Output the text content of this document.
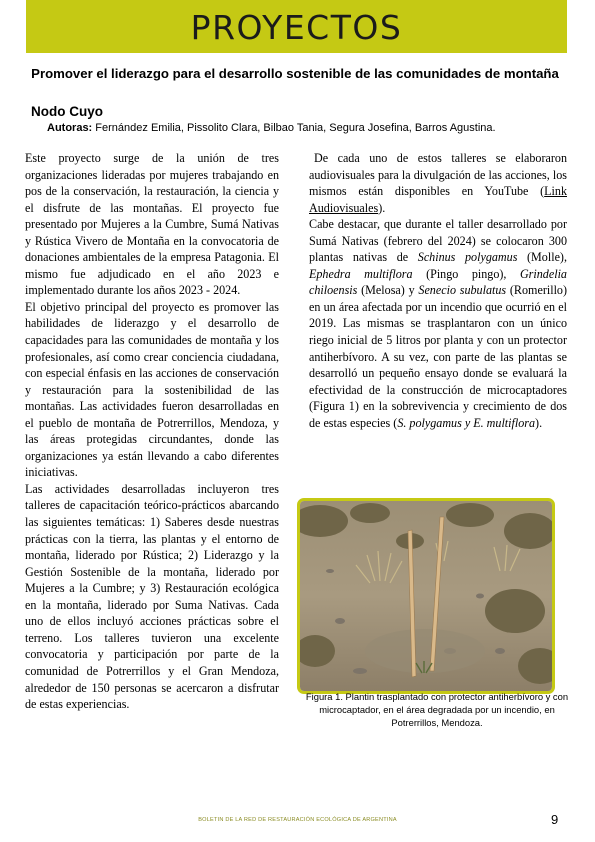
PROYECTOS
Promover el liderazgo para el desarrollo sostenible de las comunidades de montaña
Nodo Cuyo
Autoras: Fernández Emilia, Pissolito Clara, Bilbao Tania, Segura Josefina, Barros Agustina.

Este proyecto surge de la unión de tres organizaciones lideradas por mujeres trabajando en pos de la conservación, la restauración, la ciencia y el disfrute de las montañas. El proyecto fue presentado por Mujeres a la Cumbre, Sumá Nativas y Rústica Vivero de Montaña en la convocatoria de donaciones ambientales de la empresa Patagonia. El mismo fue adjudicado en el año 2023 e implementado durante los años 2023 - 2024.

El objetivo principal del proyecto es promover las habilidades de liderazgo y el desarrollo de capacidades para las comunidades de montaña y los profesionales, así como crear conciencia ciudadana, con especial énfasis en las acciones de conservación y restauración para la sostenibilidad de las montañas. Las actividades fueron desarrolladas en el pueblo de montaña de Potrerrillos, Mendoza, y las áreas protegidas circundantes, donde las organizaciones ya están llevando a cabo diferentes iniciativas.

Las actividades desarrolladas incluyeron tres talleres de capacitación teórico-prácticos abarcando las siguientes temáticas: 1) Saberes desde nuestras prácticas con la tierra, las plantas y el entorno de montaña, liderado por Rústica; 2) Liderazgo y la Gestión Sostenible de la montaña, liderado por Mujeres a la Cumbre; y 3) Restauración ecológica en la montaña, liderado por Suma Nativas. Cada uno de ellos incluyó acciones prácticas sobre el terreno. Los talleres tuvieron una excelente convocatoria y participación por parte de la comunidad de Potrerrillos y el Gran Mendoza, alrededor de 150 personas se acercaron a disfrutar de estas experiencias.

De cada uno de estos talleres se elaboraron audiovisuales para la divulgación de las acciones, los mismos están disponibles en YouTube (Link Audiovisuales).

Cabe destacar, que durante el taller desarrollado por Sumá Nativas (febrero del 2024) se colocaron 300 plantas nativas de Schinus polygamus (Molle), Ephedra multiflora (Pingo pingo), Grindelia chiloensis (Melosa) y Senecio subulatus (Romerillo) en un área afectada por un incendio que ocurrió en el 2019. Las mismas se trasplantaron con un único riego inicial de 5 litros por planta y con un protector antiherbívoro. A su vez, con parte de las plantas se desarrolló un pequeño ensayo donde se evaluará la efectividad de la construcción de microcaptadores (Figura 1) en la sobrevivencia y crecimiento de dos de estas especies (S. polygamus y E. multiflora).

Figura 1. Plantin trasplantado con protector antiherbívoro y con microcaptador, en el área degradada por un incendio, en Potrerrillos, Mendoza.
BOLETIN DE LA RED DE RESTAURACIÓN ECOLÓGICA DE ARGENTINA	9
